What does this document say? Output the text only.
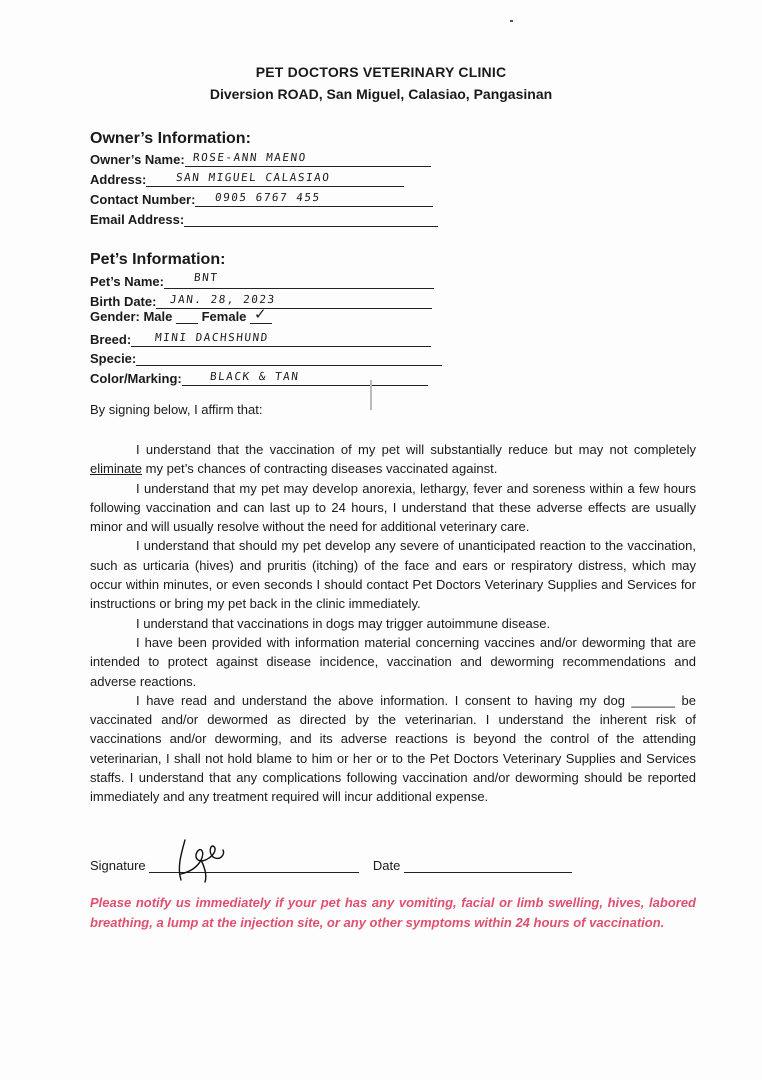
PET DOCTORS VETERINARY CLINIC
Diversion ROAD, San Miguel, Calasiao, Pangasinan
Owner’s Information:
Owner’s Name: ROSE-ANN MAENO
Address:	SAN MIGUEL CALASIAO
Contact Number: 0905 6767 455
Email Address:
Pet’s Information:
Pet’s Name:	BNT
Birth Date: JAN. 28, 2023
Gender: Male Female ✓
Breed: MINI DACHSHUND
Specie:
Color/Marking: BLACK & TAN
By signing below, I affirm that:

I understand that the vaccination of my pet will substantially reduce but may not completely eliminate my pet’s chances of contracting diseases vaccinated against.

I understand that my pet may develop anorexia, lethargy, fever and soreness within a few hours following vaccination and can last up to 24 hours, I understand that these adverse effects are usually minor and will usually resolve without the need for additional veterinary care.

I understand that should my pet develop any severe of unanticipated reaction to the vaccination, such as urticaria (hives) and pruritis (itching) of the face and ears or respiratory distress, which may occur within minutes, or even seconds I should contact Pet Doctors Veterinary Supplies and Services for instructions or bring my pet back in the clinic immediately.

I understand that vaccinations in dogs may trigger autoimmune disease.

I have been provided with information material concerning vaccines and/or deworming that are intended to protect against disease incidence, vaccination and deworming recommendations and adverse reactions.

I have read and understand the above information. I consent to having my dog ______ be vaccinated and/or dewormed as directed by the veterinarian. I understand the inherent risk of vaccinations and/or deworming, and its adverse reactions is beyond the control of the attending veterinarian, I shall not hold blame to him or her or to the Pet Doctors Veterinary Supplies and Services staffs. I understand that any complications following vaccination and/or deworming should be reported immediately and any treatment required will incur additional expense.

Signature	Date
Please notify us immediately if your pet has any vomiting, facial or limb swelling, hives, labored breathing, a lump at the injection site, or any other symptoms within 24 hours of vaccination.
